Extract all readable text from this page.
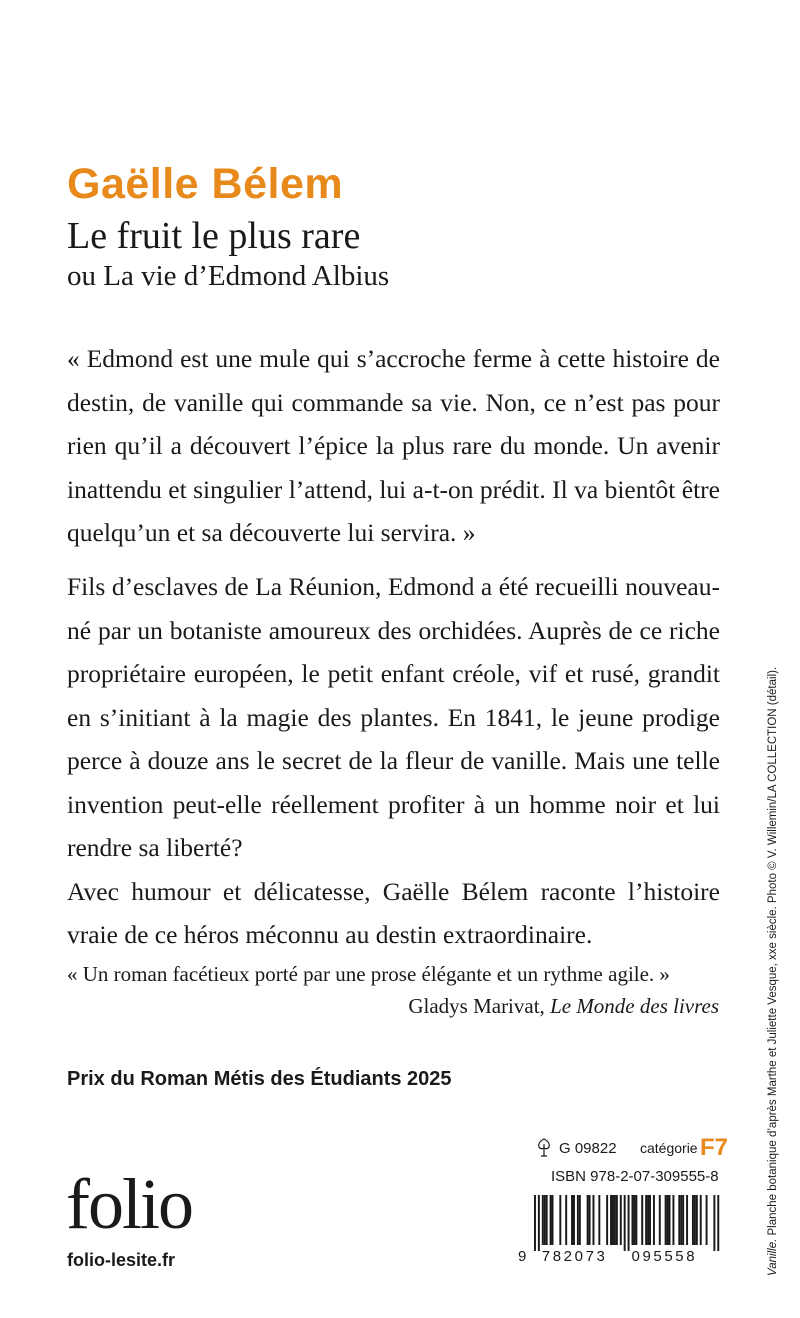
Gaëlle Bélem
Le fruit le plus rare
ou La vie d’Edmond Albius
« Edmond est une mule qui s’accroche ferme à cette histoire de destin, de vanille qui commande sa vie. Non, ce n’est pas pour rien qu’il a découvert l’épice la plus rare du monde. Un avenir inattendu et singulier l’attend, lui a-t-on prédit. Il va bientôt être quelqu’un et sa découverte lui servira. »

Fils d’esclaves de La Réunion, Edmond a été recueilli nouveau-né par un botaniste amoureux des orchidées. Auprès de ce riche propriétaire européen, le petit enfant créole, vif et rusé, grandit en s’initiant à la magie des plantes. En 1841, le jeune prodige perce à douze ans le secret de la fleur de vanille. Mais une telle invention peut-elle réellement profiter à un homme noir et lui rendre sa liberté?

Avec humour et délicatesse, Gaëlle Bélem raconte l’histoire vraie de ce héros méconnu au destin extraordinaire.

« Un roman facétieux porté par une prose élégante et un rythme agile. »
Gladys Marivat, Le Monde des livres
Prix du Roman Métis des Étudiants 2025
folio
folio-lesite.fr
G 09822 catégorie F7
ISBN 978-2-07-309555-8
9 782073 095558	Vanille. Planche botanique d’après Marthe et Juliette Vesque, xxe siècle. Photo © V. Willemin/LA COLLECTION (détail).
